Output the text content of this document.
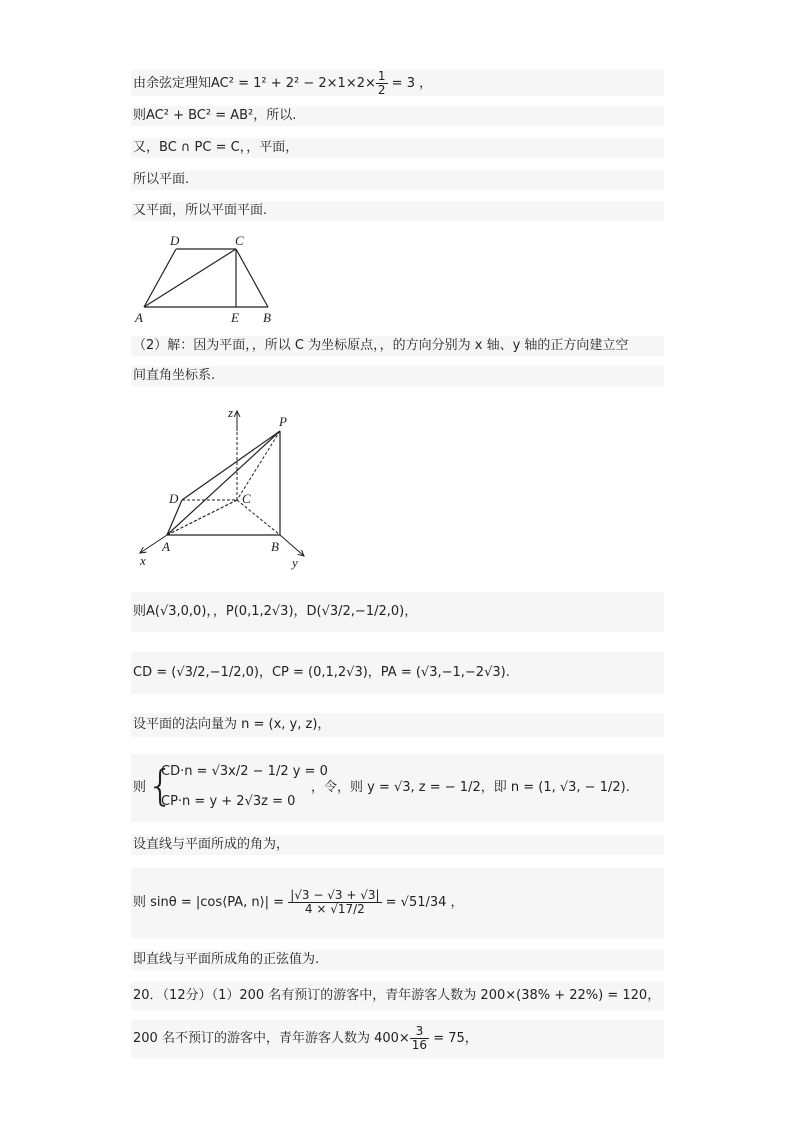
由余弦定理知$AC^2 = 1^2 + 2^2 - 2\times 1\times 2\times \frac{1}{2} = 3$ ，
则AC² + BC² = AB²，所以.
又，BC ∩ PC = C，，平面，
所以平面.
又平面，所以平面平面.
D	C
A	E B
（2）解：因为平面，，所以 C 为坐标原点，，的方向分别为 x 轴、y 轴的正方向建立空
间直角坐标系.
z
P
D	C
A	B
x	y
则A(√3,0,0)，，P(0,1,2√3)，D(√3/2,−1/2,0)，
CD = (√3/2,−1/2,0)，CP = (0,1,2√3)，PA = (√3,−1,−2√3).
设平面的法向量为 n = (x, y, z)，
则 {
CD·n = √3x/2 − 1/2 y = 0
CP·n = y + 2√3z = 0
，令，则 y = √3, z = − 1/2，即 n = (1, √3, − 1/2).
设直线与平面所成的角为，
则 sinθ = |cos⟨PA, n⟩| = $\frac{|√3 - √3 + √3|}{4 \times √17/2} = √51/34$ ，
即直线与平面所成角的正弦值为.
20．（12分）（1）200 名有预订的游客中，青年游客人数为 200×(38% + 22%) = 120，
200 名不预订的游客中，青年游客人数为 $400\times \frac{3}{16} = 75$，
